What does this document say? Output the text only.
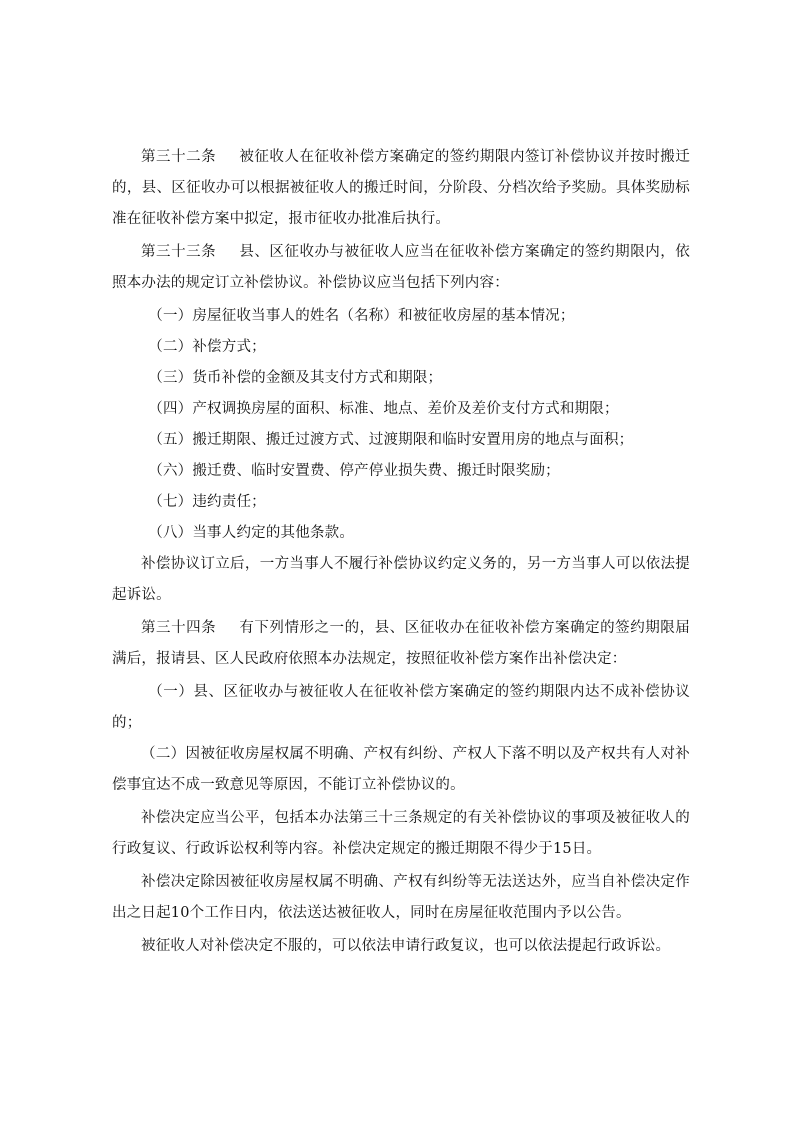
第三十二条 被征收人在征收补偿方案确定的签约期限内签订补偿协议并按时搬迁的，县、区征收办可以根据被征收人的搬迁时间，分阶段、分档次给予奖励。具体奖励标准在征收补偿方案中拟定，报市征收办批准后执行。

第三十三条 县、区征收办与被征收人应当在征收补偿方案确定的签约期限内，依照本办法的规定订立补偿协议。补偿协议应当包括下列内容：

（一）房屋征收当事人的姓名（名称）和被征收房屋的基本情况；

（二）补偿方式；

（三）货币补偿的金额及其支付方式和期限；

（四）产权调换房屋的面积、标准、地点、差价及差价支付方式和期限；

（五）搬迁期限、搬迁过渡方式、过渡期限和临时安置用房的地点与面积；

（六）搬迁费、临时安置费、停产停业损失费、搬迁时限奖励；

（七）违约责任；

（八）当事人约定的其他条款。

补偿协议订立后，一方当事人不履行补偿协议约定义务的，另一方当事人可以依法提起诉讼。

第三十四条 有下列情形之一的，县、区征收办在征收补偿方案确定的签约期限届满后，报请县、区人民政府依照本办法规定，按照征收补偿方案作出补偿决定：

（一）县、区征收办与被征收人在征收补偿方案确定的签约期限内达不成补偿协议的；

（二）因被征收房屋权属不明确、产权有纠纷、产权人下落不明以及产权共有人对补偿事宜达不成一致意见等原因，不能订立补偿协议的。

补偿决定应当公平，包括本办法第三十三条规定的有关补偿协议的事项及被征收人的行政复议、行政诉讼权利等内容。补偿决定规定的搬迁期限不得少于15日。

补偿决定除因被征收房屋权属不明确、产权有纠纷等无法送达外，应当自补偿决定作出之日起10个工作日内，依法送达被征收人，同时在房屋征收范围内予以公告。

被征收人对补偿决定不服的，可以依法申请行政复议，也可以依法提起行政诉讼。
